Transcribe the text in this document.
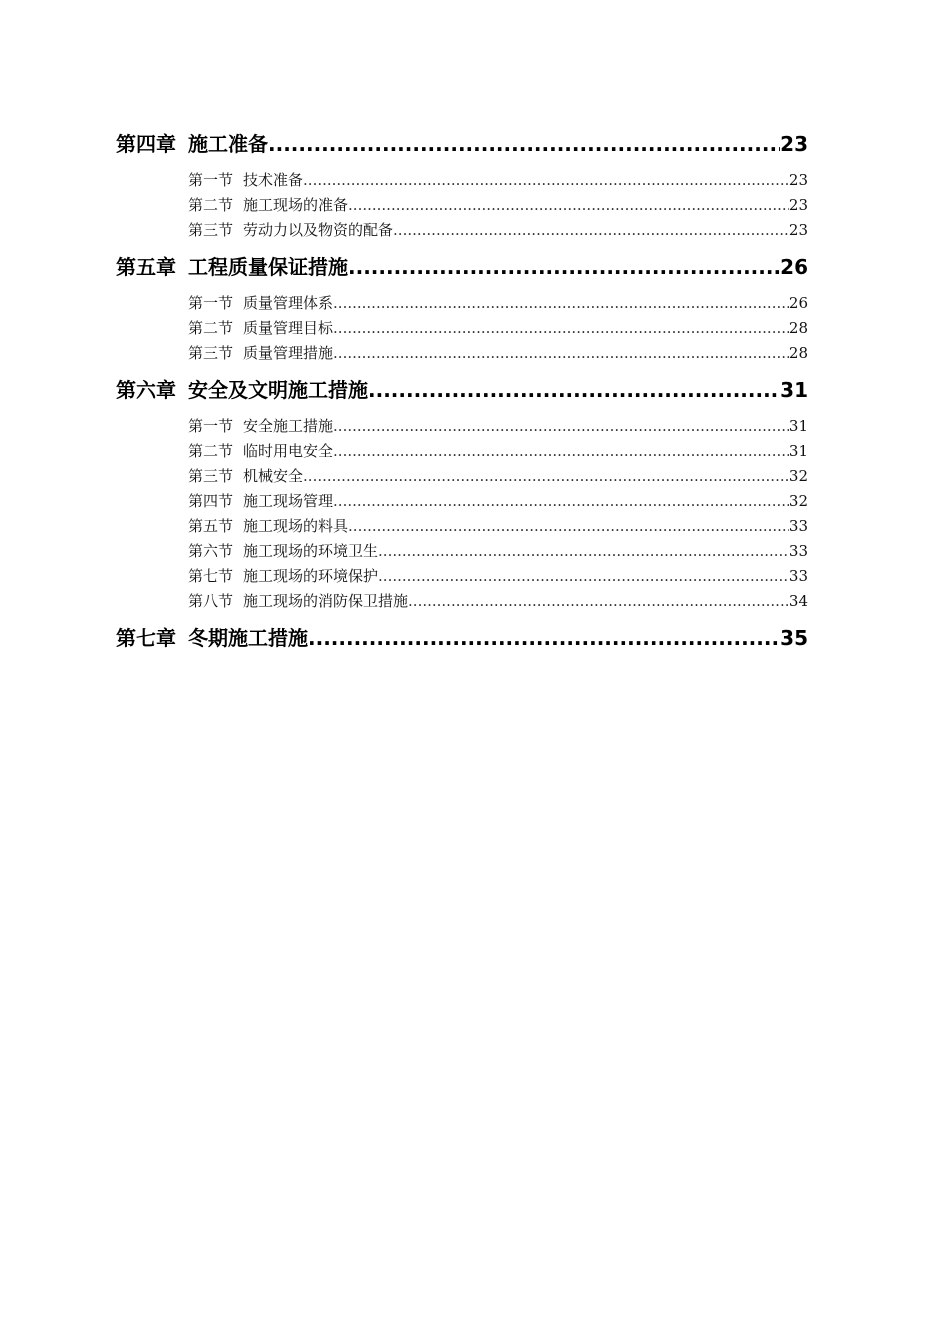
第四章 施工准备 .....	23
第一节 技术准备 .....	23
第二节 施工现场的准备 .....	23
第三节 劳动力以及物资的配备 .....	23
第五章 工程质量保证措施 .....	26
第一节 质量管理体系 .....	26
第二节 质量管理目标 .....	28
第三节 质量管理措施 .....	28
第六章 安全及文明施工措施 .....	31
第一节 安全施工措施 .....	31
第二节 临时用电安全 .....	31
第三节 机械安全 .....	32
第四节 施工现场管理 .....	32
第五节 施工现场的料具 .....	33
第六节 施工现场的环境卫生 .....	33
第七节 施工现场的环境保护 .....	33
第八节 施工现场的消防保卫措施 .....	34
第七章 冬期施工措施 .....	35
